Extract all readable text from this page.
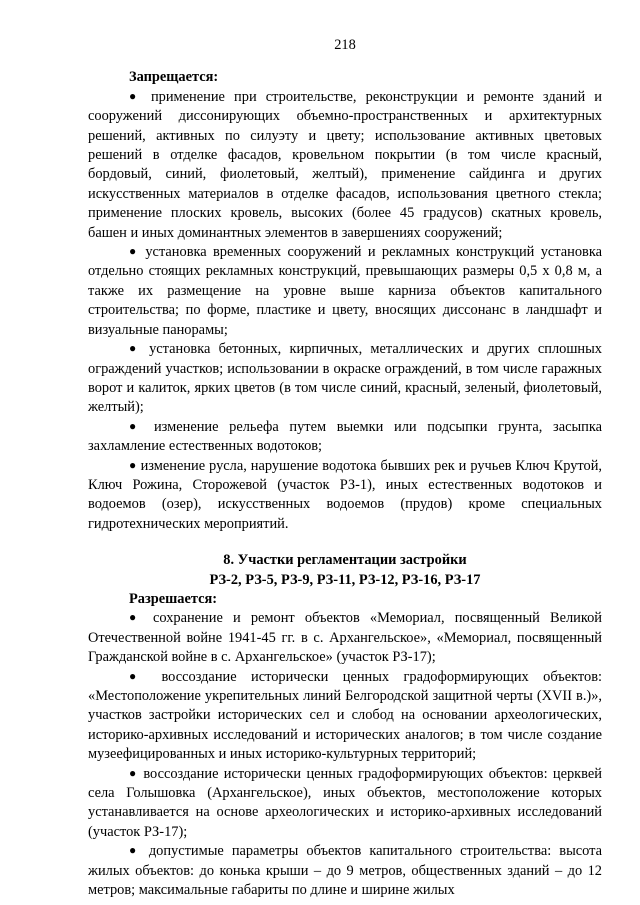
218
Запрещается:

● применение при строительстве, реконструкции и ремонте зданий и сооружений диссонирующих объемно-пространственных и архитектурных решений, активных по силуэту и цвету; использование активных цветовых решений в отделке фасадов, кровельном покрытии (в том числе красный, бордовый, синий, фиолетовый, желтый), применение сайдинга и других искусственных материалов в отделке фасадов, использования цветного стекла; применение плоских кровель, высоких (более 45 градусов) скатных кровель, башен и иных доминантных элементов в завершениях сооружений;

● установка временных сооружений и рекламных конструкций установка отдельно стоящих рекламных конструкций, превышающих размеры 0,5 х 0,8 м, а также их размещение на уровне выше карниза объектов капитального строительства; по форме, пластике и цвету, вносящих диссонанс в ландшафт и визуальные панорамы;

● установка бетонных, кирпичных, металлических и других сплошных ограждений участков; использовании в окраске ограждений, в том числе гаражных ворот и калиток, ярких цветов (в том числе синий, красный, зеленый, фиолетовый, желтый);

● изменение рельефа путем выемки или подсыпки грунта, засыпка захламление естественных водотоков;

● изменение русла, нарушение водотока бывших рек и ручьев Ключ Крутой, Ключ Рожина, Сторожевой (участок РЗ-1), иных естественных водотоков и водоемов (озер), искусственных водоемов (прудов) кроме специальных гидротехнических мероприятий.

8. Участки регламентации застройки
РЗ-2, РЗ-5, РЗ-9, РЗ-11, РЗ-12, РЗ-16, РЗ-17
Разрешается:

● сохранение и ремонт объектов «Мемориал, посвященный Великой Отечественной войне 1941-45 гг. в с. Архангельское», «Мемориал, посвященный Гражданской войне в с. Архангельское» (участок РЗ-17);

● воссоздание исторически ценных градоформирующих объектов: «Местоположение укрепительных линий Белгородской защитной черты (XVII в.)», участков застройки исторических сел и слобод на основании археологических, историко-архивных исследований и исторических аналогов; в том числе создание музеефицированных и иных историко-культурных территорий;

● воссоздание исторически ценных градоформирующих объектов: церквей села Голышовка (Архангельское), иных объектов, местоположение которых устанавливается на основе археологических и историко-архивных исследований (участок РЗ-17);

● допустимые параметры объектов капитального строительства: высота жилых объектов: до конька крыши – до 9 метров, общественных зданий – до 12 метров; максимальные габариты по длине и ширине жилых
